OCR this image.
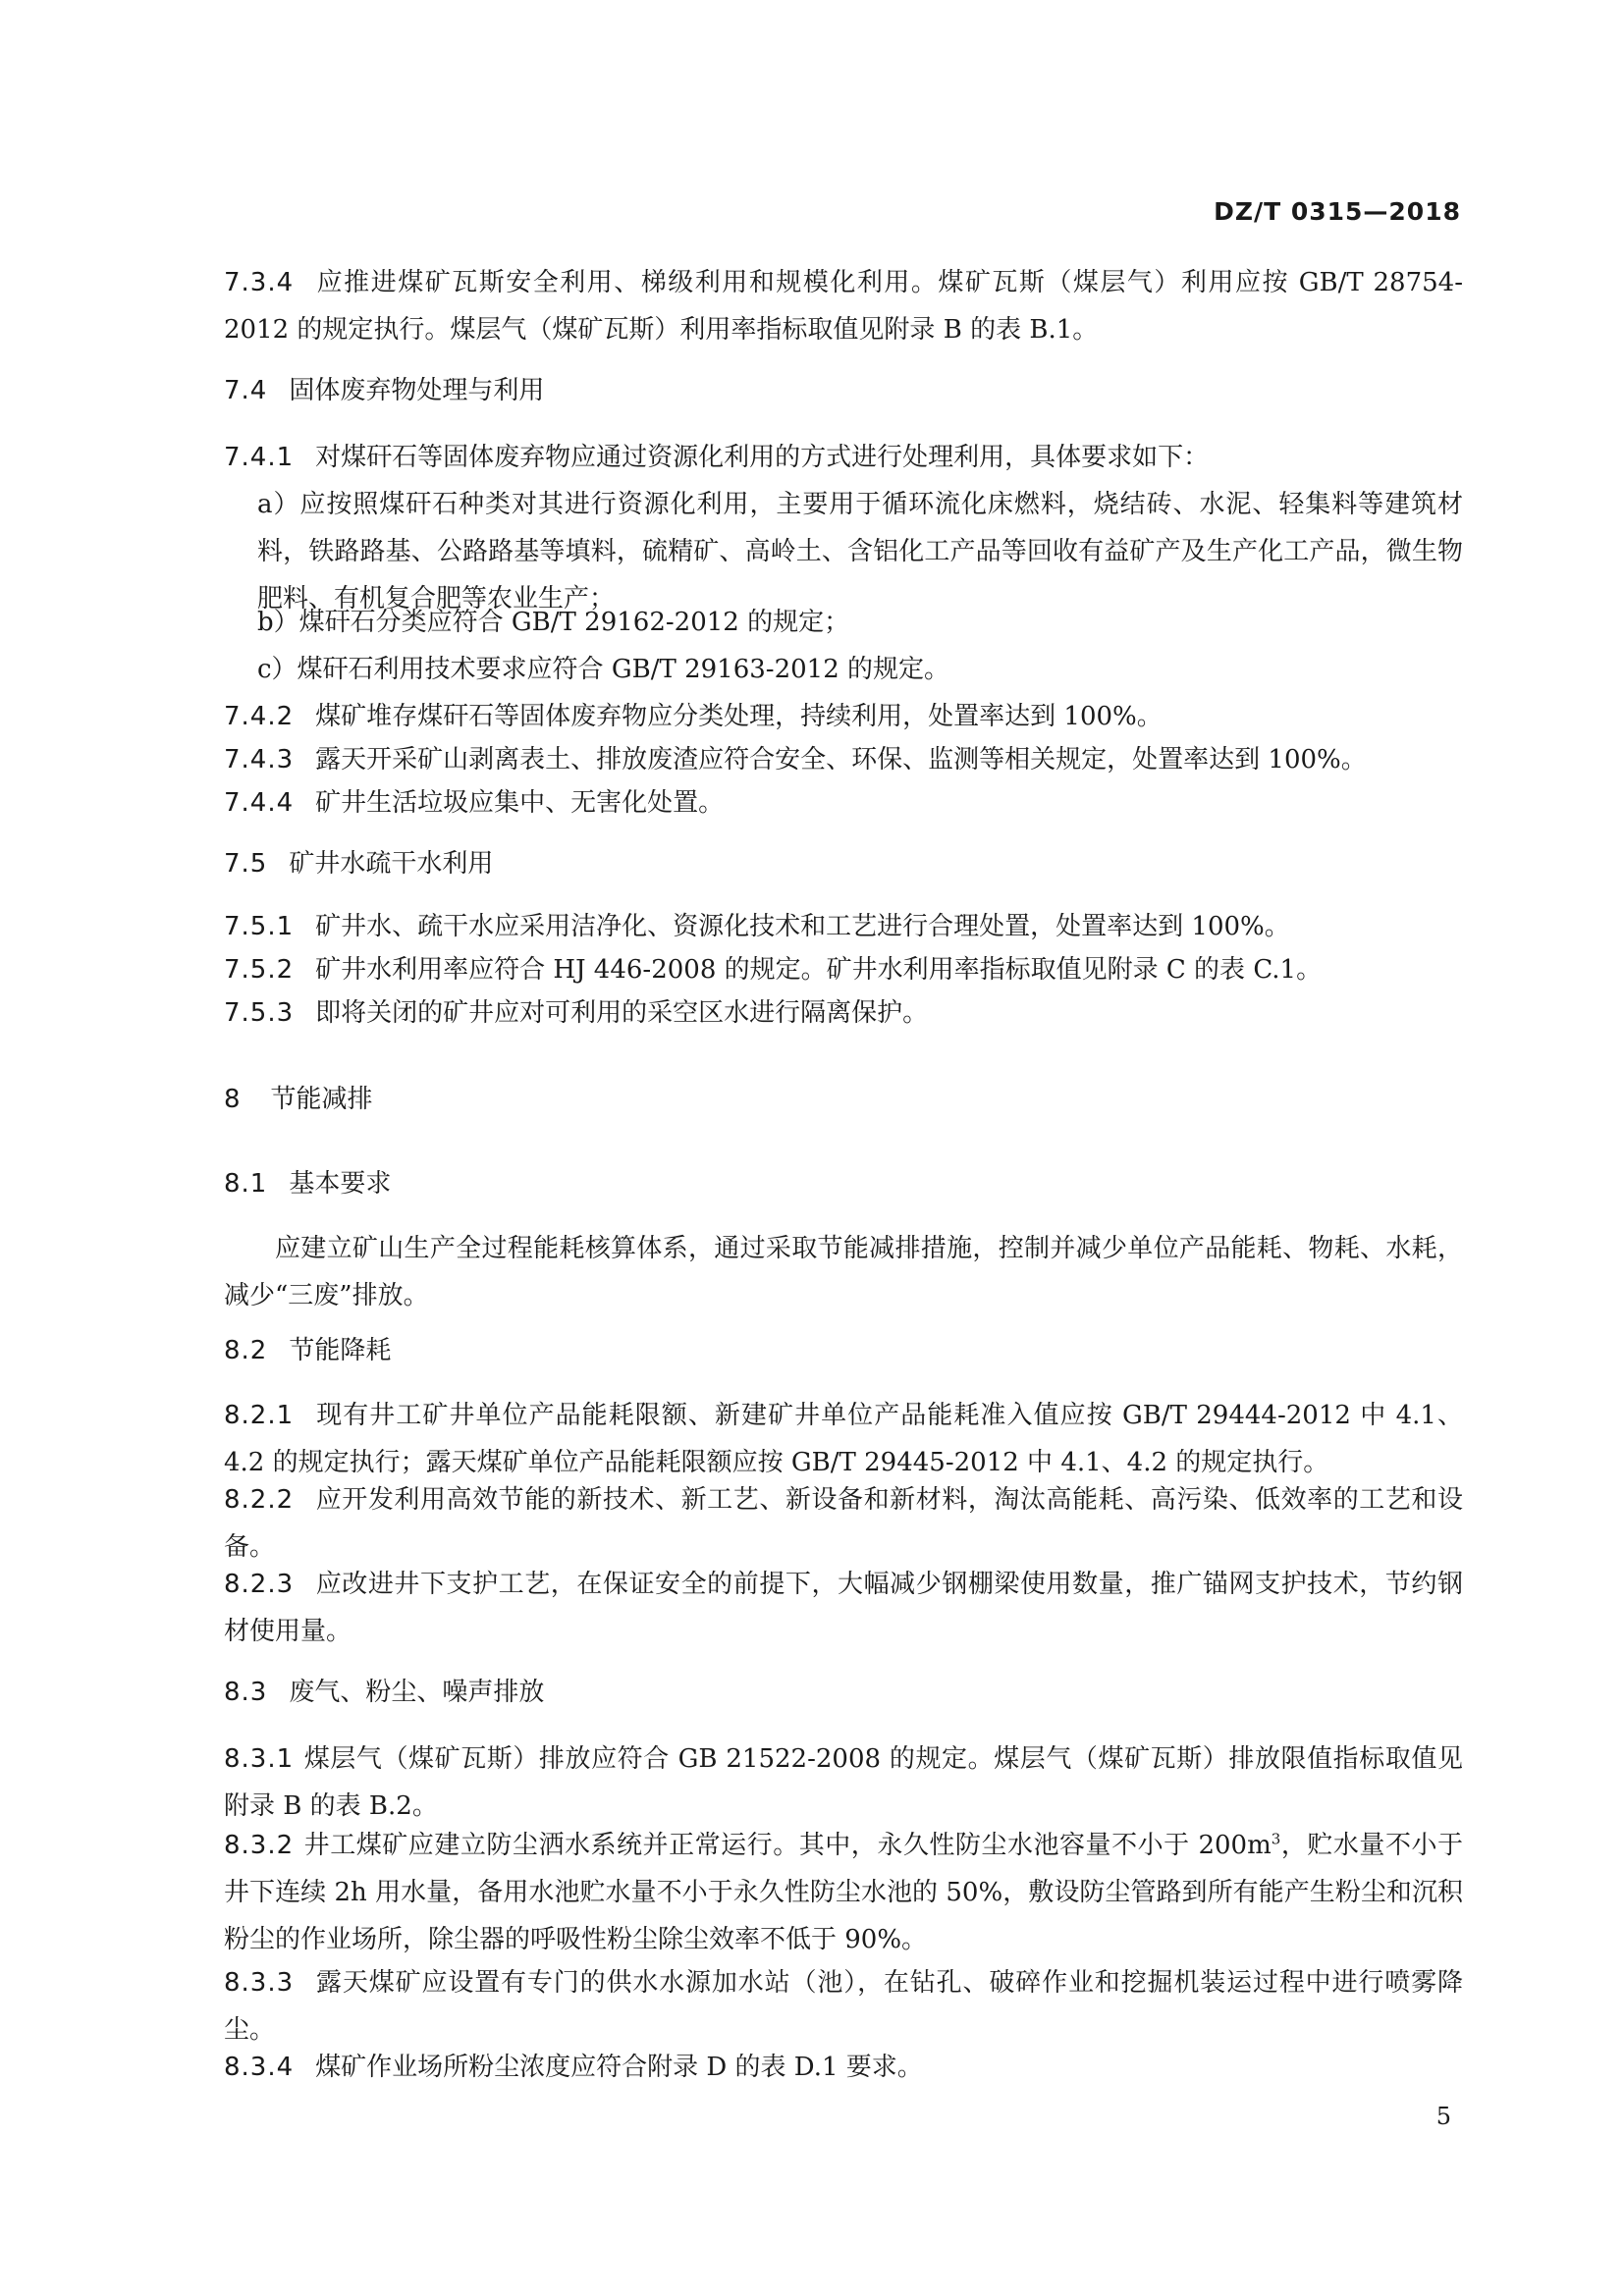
DZ/T 0315—2018
7.3.4 应推进煤矿瓦斯安全利用、梯级利用和规模化利用。煤矿瓦斯（煤层气）利用应按 GB/T 28754-2012 的规定执行。煤层气（煤矿瓦斯）利用率指标取值见附录 B 的表 B.1。
7.4 固体废弃物处理与利用
7.4.1 对煤矸石等固体废弃物应通过资源化利用的方式进行处理利用，具体要求如下：
a）应按照煤矸石种类对其进行资源化利用，主要用于循环流化床燃料，烧结砖、水泥、轻集料等建筑材料，铁路路基、公路路基等填料，硫精矿、高岭土、含铝化工产品等回收有益矿产及生产化工产品，微生物肥料、有机复合肥等农业生产；
b）煤矸石分类应符合 GB/T 29162-2012 的规定；
c）煤矸石利用技术要求应符合 GB/T 29163-2012 的规定。
7.4.2 煤矿堆存煤矸石等固体废弃物应分类处理，持续利用，处置率达到 100%。
7.4.3 露天开采矿山剥离表土、排放废渣应符合安全、环保、监测等相关规定，处置率达到 100%。
7.4.4 矿井生活垃圾应集中、无害化处置。
7.5 矿井水疏干水利用
7.5.1 矿井水、疏干水应采用洁净化、资源化技术和工艺进行合理处置，处置率达到 100%。
7.5.2 矿井水利用率应符合 HJ 446-2008 的规定。矿井水利用率指标取值见附录 C 的表 C.1。
7.5.3 即将关闭的矿井应对可利用的采空区水进行隔离保护。
8 节能减排
8.1 基本要求
应建立矿山生产全过程能耗核算体系，通过采取节能减排措施，控制并减少单位产品能耗、物耗、水耗，减少“三废”排放。
8.2 节能降耗
8.2.1 现有井工矿井单位产品能耗限额、新建矿井单位产品能耗准入值应按 GB/T 29444-2012 中 4.1、4.2 的规定执行；露天煤矿单位产品能耗限额应按 GB/T 29445-2012 中 4.1、4.2 的规定执行。
8.2.2 应开发利用高效节能的新技术、新工艺、新设备和新材料，淘汰高能耗、高污染、低效率的工艺和设备。
8.2.3 应改进井下支护工艺，在保证安全的前提下，大幅减少钢棚梁使用数量，推广锚网支护技术，节约钢材使用量。
8.3 废气、粉尘、噪声排放
8.3.1 煤层气（煤矿瓦斯）排放应符合 GB 21522-2008 的规定。煤层气（煤矿瓦斯）排放限值指标取值见附录 B 的表 B.2。
8.3.2 井工煤矿应建立防尘洒水系统并正常运行。其中，永久性防尘水池容量不小于 $200m^3$，贮水量不小于井下连续 2h 用水量，备用水池贮水量不小于永久性防尘水池的 50%，敷设防尘管路到所有能产生粉尘和沉积粉尘的作业场所，除尘器的呼吸性粉尘除尘效率不低于 90%。
8.3.3 露天煤矿应设置有专门的供水水源加水站（池），在钻孔、破碎作业和挖掘机装运过程中进行喷雾降尘。
8.3.4 煤矿作业场所粉尘浓度应符合附录 D 的表 D.1 要求。
5
